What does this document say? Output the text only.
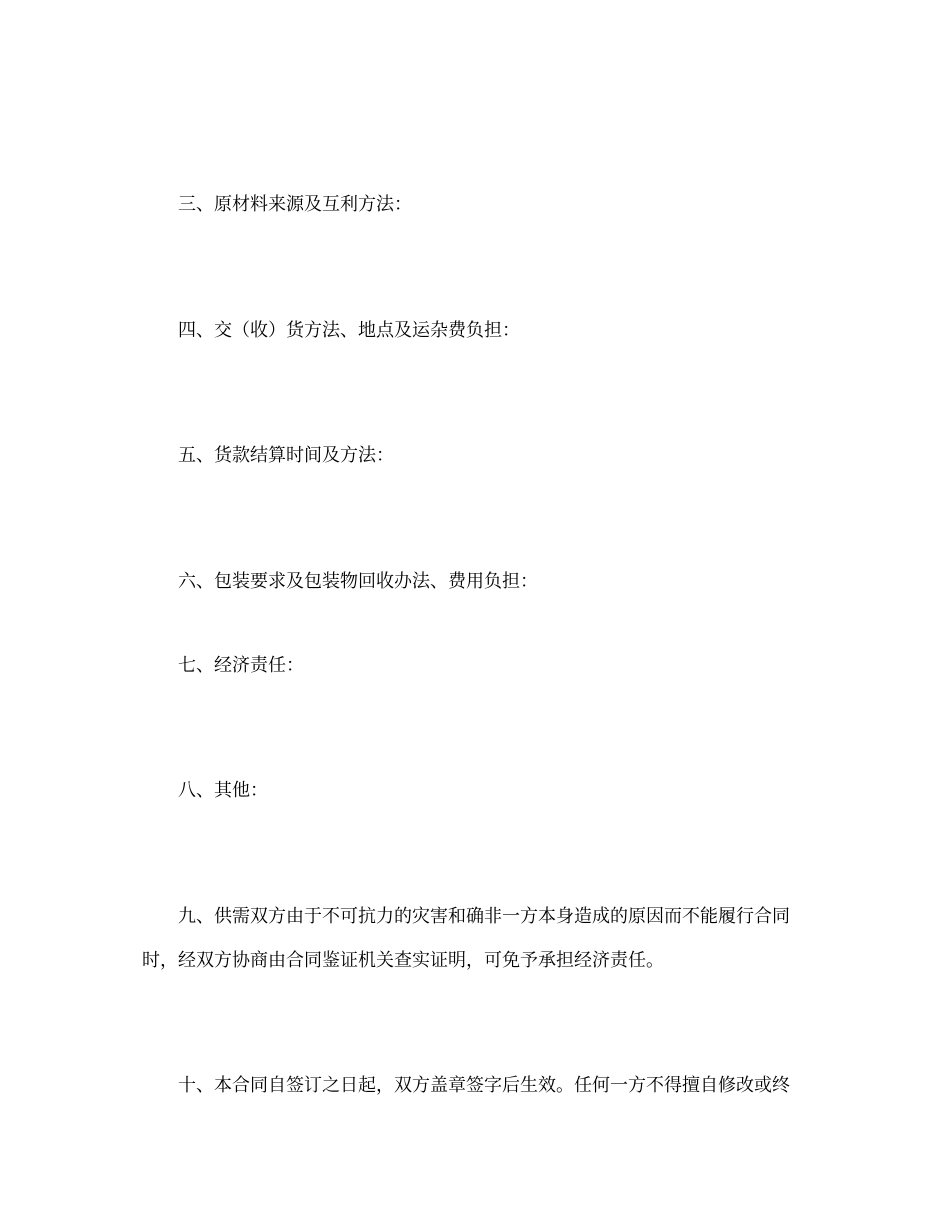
三、原材料来源及互利方法：

四、交（收）货方法、地点及运杂费负担：

五、货款结算时间及方法：

六、包装要求及包装物回收办法、费用负担：

七、经济责任：

八、其他：

九、供需双方由于不可抗力的灾害和确非一方本身造成的原因而不能履行合同

时，经双方协商由合同鉴证机关查实证明，可免予承担经济责任。

十、本合同自签订之日起，双方盖章签字后生效。任何一方不得擅自修改或终
